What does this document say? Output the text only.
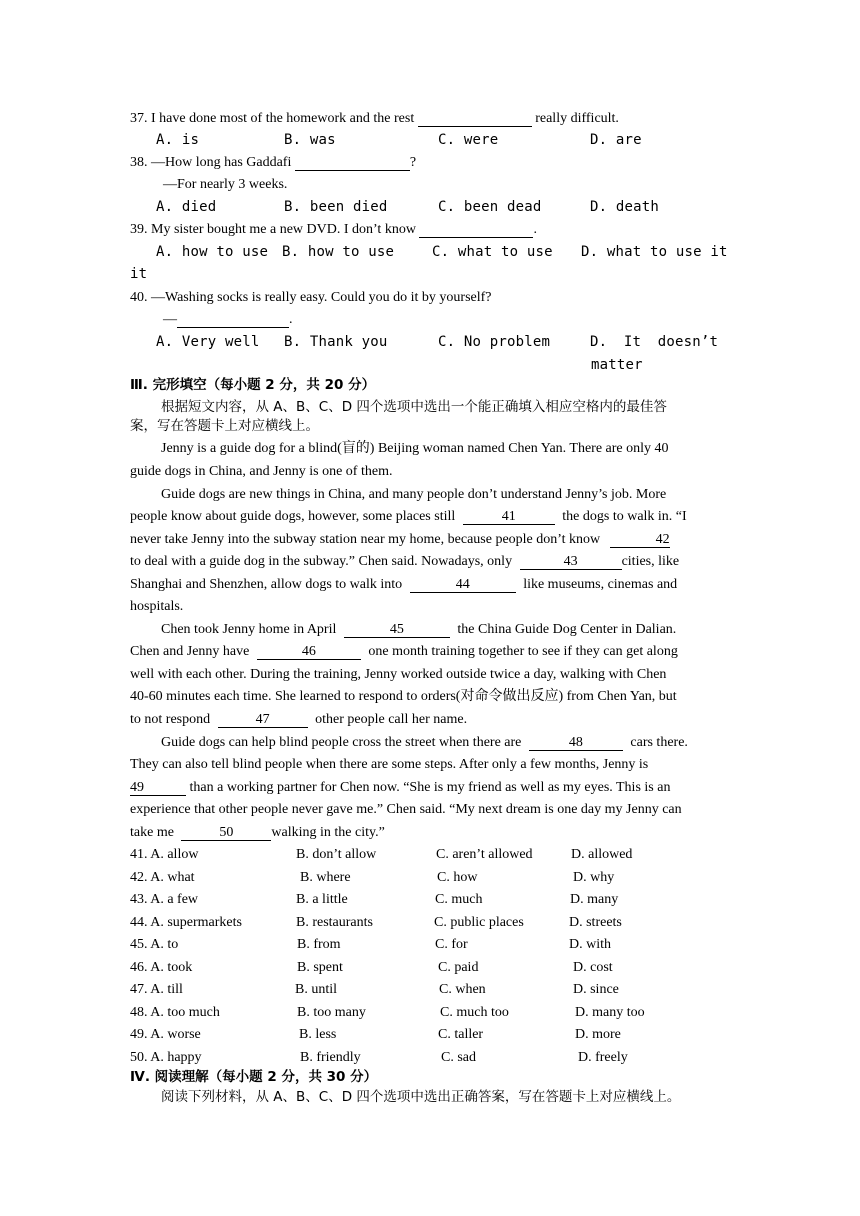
37. I have done most of the homework and the rest	really difficult.
A. is	B. was	C. were	D. are
38. —How long has Gaddafi	?
—For nearly 3 weeks.
A. died	B. been died	C. been dead	D. death
39. My sister bought me a new DVD. I don’t know	.
A. how to use B. how to use	C. what to use D. what to use it
it
40. —Washing socks is really easy. Could you do it by yourself?
—	.
A. Very well B. Thank you	C. No problem	D. It doesn’t
matter
Ⅲ. 完形填空（每小题 2 分，共 20 分）
根据短文内容，从 A、B、C、D 四个选项中选出一个能正确填入相应空格内的最佳答
案，写在答题卡上对应横线上。
Jenny is a guide dog for a blind(盲的) Beijing woman named Chen Yan. There are only 40
guide dogs in China, and Jenny is one of them.
Guide dogs are new things in China, and many people don’t understand Jenny’s job. More
people know about guide dogs, however, some places still	41	the dogs to walk in. “I
never take Jenny into the subway station near my home, because people don’t know	42
to deal with a guide dog in the subway.” Chen said. Nowadays, only	43	cities, like
Shanghai and Shenzhen, allow dogs to walk into	44	like museums, cinemas and
hospitals.
Chen took Jenny home in April	45	the China Guide Dog Center in Dalian.
Chen and Jenny have	46	one month training together to see if they can get along
well with each other. During the training, Jenny worked outside twice a day, walking with Chen
40-60 minutes each time. She learned to respond to orders(对命令做出反应) from Chen Yan, but
to not respond	47	other people call her name.
Guide dogs can help blind people cross the street when there are	48	cars there.
They can also tell blind people when there are some steps. After only a few months, Jenny is
49	than a working partner for Chen now. “She is my friend as well as my eyes. This is an
experience that other people never gave me.” Chen said. “My next dream is one day my Jenny can
take me	50	walking in the city.”
41. A. allow	B. don’t allow	C. aren’t allowed	D. allowed
42. A. what	B. where	C. how	D. why
43. A. a few	B. a little	C. much	D. many
44. A. supermarkets	B. restaurants	C. public places	D. streets
45. A. to	B. from	C. for	D. with
46. A. took	B. spent	C. paid	D. cost
47. A. till	B. until	C. when	D. since
48. A. too much	B. too many	C. much too	D. many too
49. A. worse	B. less	C. taller	D. more
50. A. happy	B. friendly	C. sad	D. freely
Ⅳ. 阅读理解（每小题 2 分，共 30 分）
阅读下列材料，从 A、B、C、D 四个选项中选出正确答案，写在答题卡上对应横线上。
